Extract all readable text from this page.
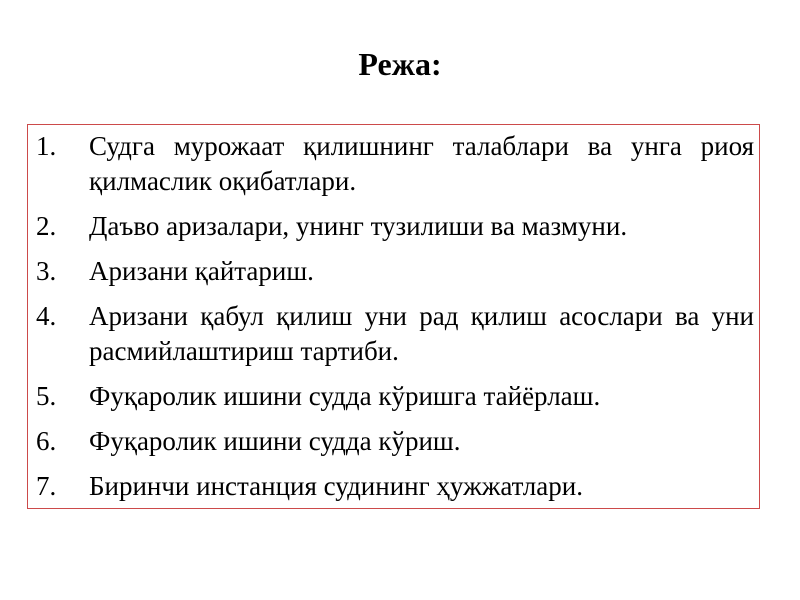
Режа:
1.	Судга мурожаат қилишнинг талаблари ва унга риоя қилмаслик оқибатлари.
2.	Даъво аризалари, унинг тузилиши ва мазмуни.
3.	Аризани қайтариш.
4.	Аризани қабул қилиш уни рад қилиш асослари ва уни расмийлаштириш тартиби.
5.	Фуқаролик ишини судда кўришга тайёрлаш.
6.	Фуқаролик ишини судда кўриш.
7.	Биринчи инстанция судининг ҳужжатлари.
